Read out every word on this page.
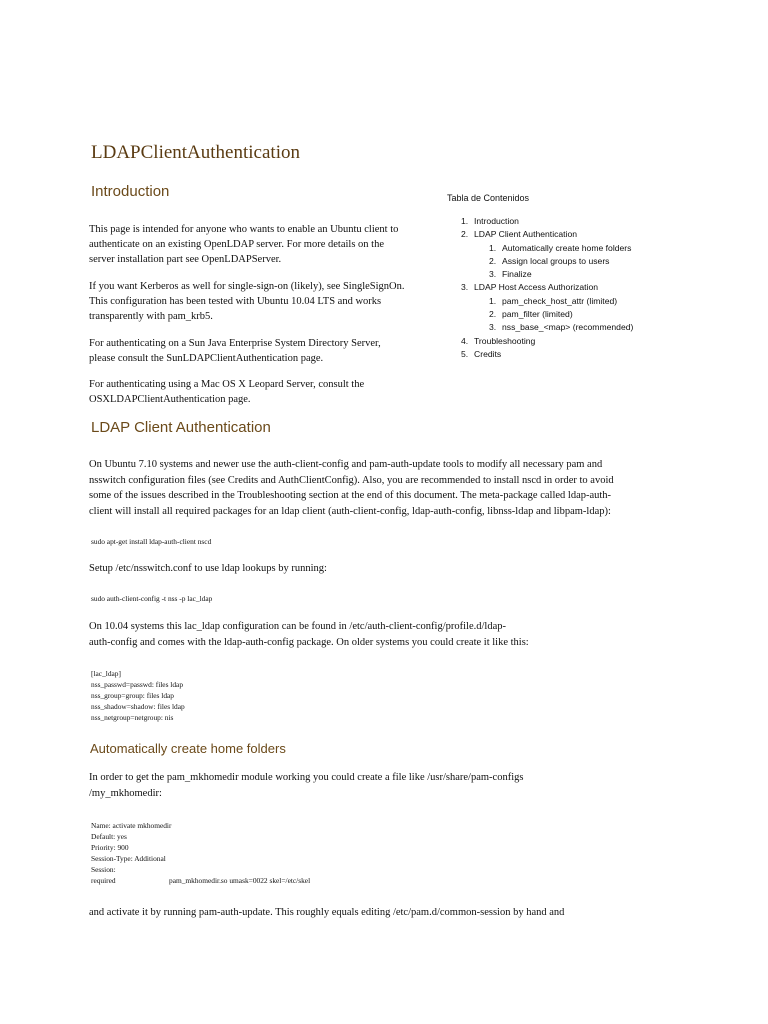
LDAPClientAuthentication
Introduction
This page is intended for anyone who wants to enable an Ubuntu client to
authenticate on an existing OpenLDAP server. For more details on the
server installation part see OpenLDAPServer.
If you want Kerberos as well for single-sign-on (likely), see SingleSignOn.
This configuration has been tested with Ubuntu 10.04 LTS and works
transparently with pam_krb5.
For authenticating on a Sun Java Enterprise System Directory Server,
please consult the SunLDAPClientAuthentication page.
For authenticating using a Mac OS X Leopard Server, consult the
OSXLDAPClientAuthentication page.
Tabla de Contenidos
1. Introduction
2. LDAP Client Authentication
1. Automatically create home folders
2. Assign local groups to users
3. Finalize
3. LDAP Host Access Authorization
1. pam_check_host_attr (limited)
2. pam_filter (limited)
3. nss_base_<map> (recommended)
4. Troubleshooting
5. Credits
LDAP Client Authentication
On Ubuntu 7.10 systems and newer use the auth-client-config and pam-auth-update tools to modify all necessary pam and
nsswitch configuration files (see Credits and AuthClientConfig). Also, you are recommended to install nscd in order to avoid
some of the issues described in the Troubleshooting section at the end of this document. The meta-package called ldap-auth-
client will install all required packages for an ldap client (auth-client-config, ldap-auth-config, libnss-ldap and libpam-ldap):
sudo apt-get install ldap-auth-client nscd
Setup /etc/nsswitch.conf to use ldap lookups by running:
sudo auth-client-config -t nss -p lac_ldap
On 10.04 systems this lac_ldap configuration can be found in /etc/auth-client-config/profile.d/ldap-
auth-config and comes with the ldap-auth-config package. On older systems you could create it like this:
[lac_ldap]
nss_passwd=passwd: files ldap
nss_group=group: files ldap
nss_shadow=shadow: files ldap
nss_netgroup=netgroup: nis
Automatically create home folders
In order to get the pam_mkhomedir module working you could create a file like /usr/share/pam-configs
/my_mkhomedir:
Name: activate mkhomedir
Default: yes
Priority: 900
Session-Type: Additional
Session:
required	pam_mkhomedir.so umask=0022 skel=/etc/skel
and activate it by running pam-auth-update. This roughly equals editing /etc/pam.d/common-session by hand and
